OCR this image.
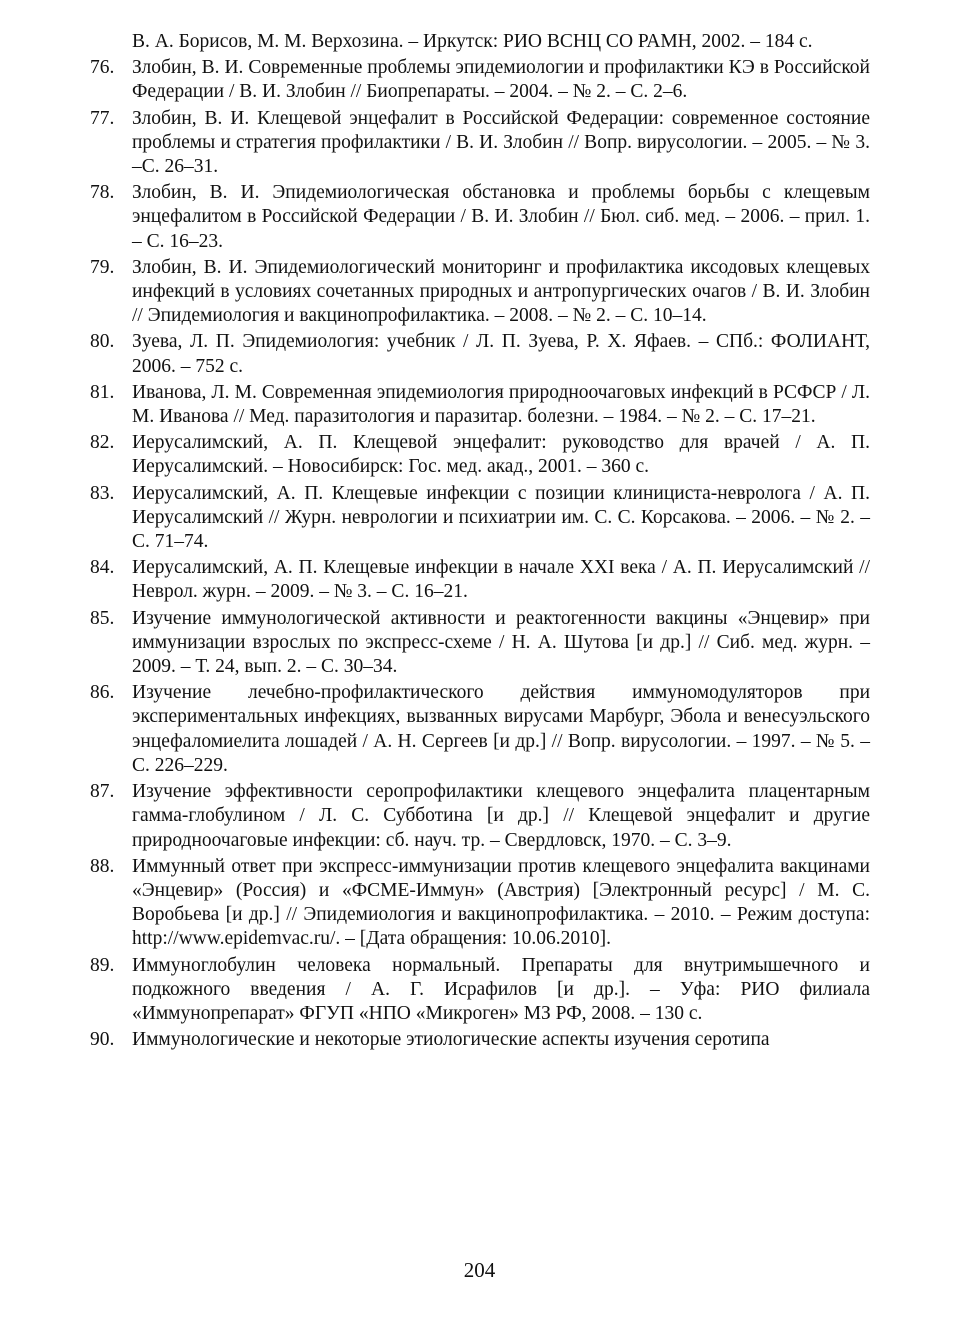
В. А. Борисов, М. М. Верхозина. – Иркутск: РИО ВСНЦ СО РАМН, 2002. – 184 с.
76. Злобин, В. И. Современные проблемы эпидемиологии и профилактики КЭ в Российской Федерации / В. И. Злобин // Биопрепараты. – 2004. – № 2. – С. 2–6.
77. Злобин, В. И. Клещевой энцефалит в Российской Федерации: современное состояние проблемы и стратегия профилактики / В. И. Злобин // Вопр. вирусологии. – 2005. – № 3. –С. 26–31.
78. Злобин, В. И. Эпидемиологическая обстановка и проблемы борьбы с клещевым энцефалитом в Российской Федерации / В. И. Злобин // Бюл. сиб. мед. – 2006. – прил. 1. – С. 16–23.
79. Злобин, В. И. Эпидемиологический мониторинг и профилактика иксодовых клещевых инфекций в условиях сочетанных природных и антропургических очагов / В. И. Злобин // Эпидемиология и вакцинопрофилактика. – 2008. – № 2. – С. 10–14.
80. Зуева, Л. П. Эпидемиология: учебник / Л. П. Зуева, Р. Х. Яфаев. – СПб.: ФОЛИАНТ, 2006. – 752 с.
81. Иванова, Л. М. Современная эпидемиология природноочаговых инфекций в РСФСР / Л. М. Иванова // Мед. паразитология и паразитар. болезни. – 1984. – № 2. – С. 17–21.
82. Иерусалимский, А. П. Клещевой энцефалит: руководство для врачей / А. П. Иерусалимский. – Новосибирск: Гос. мед. акад., 2001. – 360 с.
83. Иерусалимский, А. П. Клещевые инфекции с позиции клинициста-невролога / А. П. Иерусалимский // Журн. неврологии и психиатрии им. С. С. Корсакова. – 2006. – № 2. – С. 71–74.
84. Иерусалимский, А. П. Клещевые инфекции в начале XXI века / А. П. Иерусалимский // Неврол. журн. – 2009. – № 3. – С. 16–21.
85. Изучение иммунологической активности и реактогенности вакцины «Энцевир» при иммунизации взрослых по экспресс-схеме / Н. А. Шутова [и др.] // Сиб. мед. журн. – 2009. – Т. 24, вып. 2. – С. 30–34.
86. Изучение лечебно-профилактического действия иммуномодуляторов при экспериментальных инфекциях, вызванных вирусами Марбург, Эбола и венесуэльского энцефаломиелита лошадей / А. Н. Сергеев [и др.] // Вопр. вирусологии. – 1997. – № 5. – С. 226–229.
87. Изучение эффективности серопрофилактики клещевого энцефалита плацентарным гамма-глобулином / Л. С. Субботина [и др.] // Клещевой энцефалит и другие природноочаговые инфекции: сб. науч. тр. – Свердловск, 1970. – С. 3–9.
88. Иммунный ответ при экспресс-иммунизации против клещевого энцефалита вакцинами «Энцевир» (Россия) и «ФСМЕ-Иммун» (Австрия) [Электронный ресурс] / М. С. Воробьева [и др.] // Эпидемиология и вакцинопрофилактика. – 2010. – Режим доступа: http://www.epidemvac.ru/. – [Дата обращения: 10.06.2010].
89. Иммуноглобулин человека нормальный. Препараты для внутримышечного и подкожного введения / А. Г. Исрафилов [и др.]. – Уфа: РИО филиала «Иммунопрепарат» ФГУП «НПО «Микроген» МЗ РФ, 2008. – 130 с.
90. Иммунологические и некоторые этиологические аспекты изучения серотипа
204
